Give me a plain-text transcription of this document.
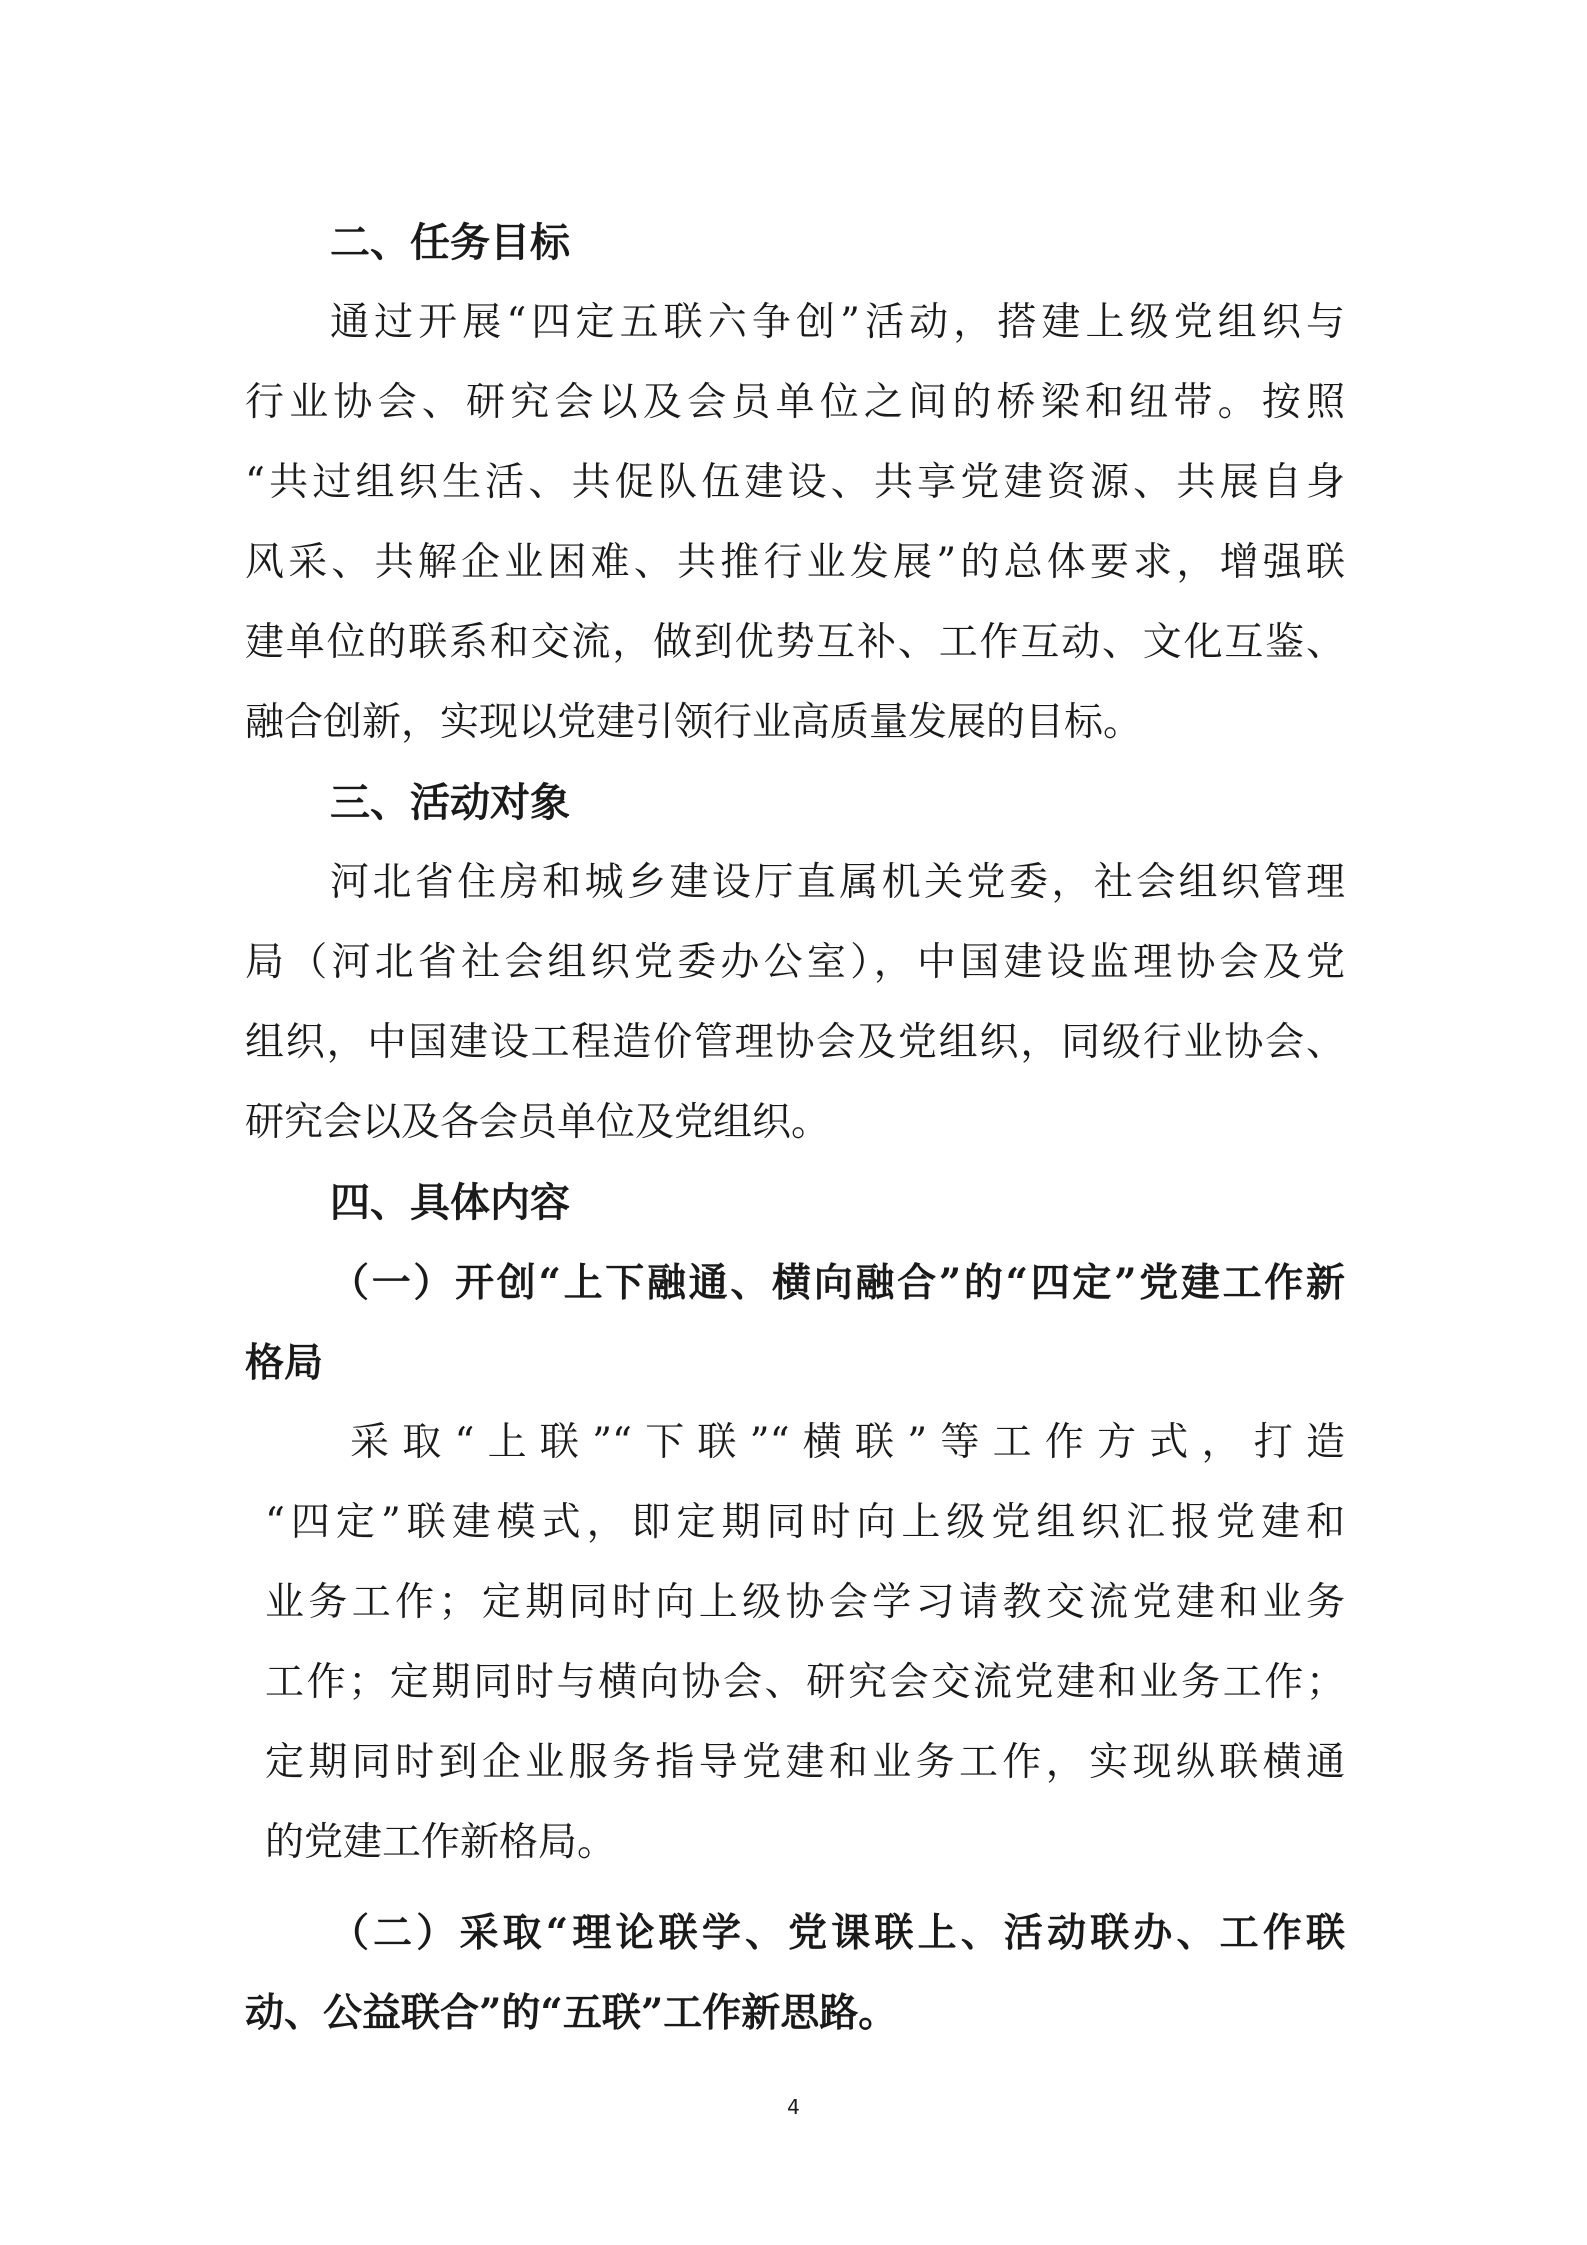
二、任务目标
通过开展“四定五联六争创”活动，搭建上级党组织与
行业协会、研究会以及会员单位之间的桥梁和纽带。按照
“共过组织生活、共促队伍建设、共享党建资源、共展自身
风采、共解企业困难、共推行业发展”的总体要求，增强联
建单位的联系和交流，做到优势互补、工作互动、文化互鉴、
融合创新，实现以党建引领行业高质量发展的目标。
三、活动对象
河北省住房和城乡建设厅直属机关党委，社会组织管理
局（河北省社会组织党委办公室），中国建设监理协会及党
组织，中国建设工程造价管理协会及党组织，同级行业协会、
研究会以及各会员单位及党组织。
四、具体内容
（一）开创“上下融通、横向融合”的“四定”党建工作新
格局
采取“上联”“下联”“横联”等工作方式，打造
“四定”联建模式，即定期同时向上级党组织汇报党建和
业务工作；定期同时向上级协会学习请教交流党建和业务
工作；定期同时与横向协会、研究会交流党建和业务工作；
定期同时到企业服务指导党建和业务工作，实现纵联横通
的党建工作新格局。
（二）采取“理论联学、党课联上、活动联办、工作联
动、公益联合”的“五联”工作新思路。
4
